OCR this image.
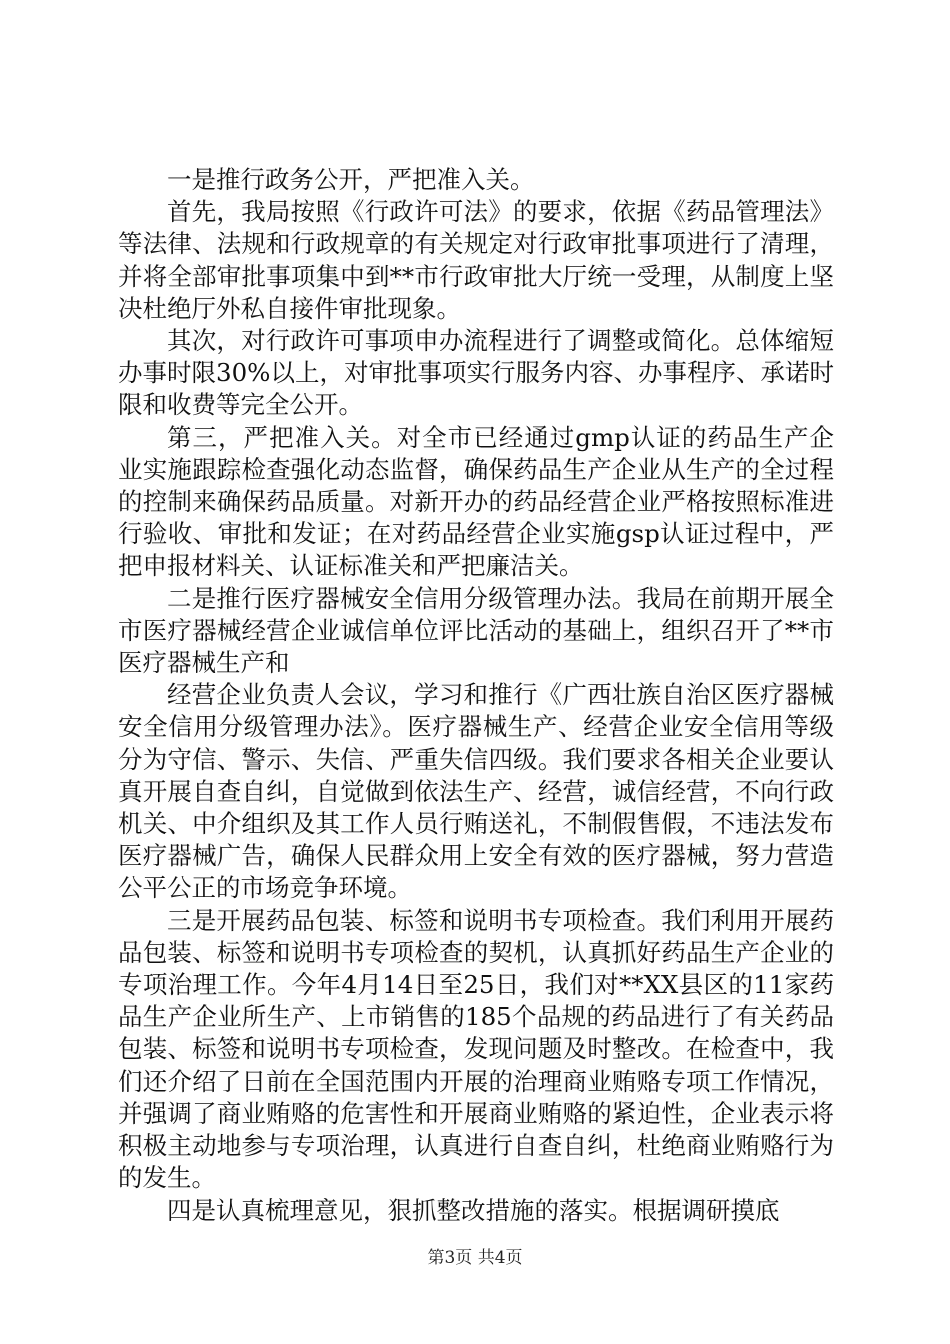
一是推行政务公开，严把准入关。

首先，我局按照《行政许可法》的要求，依据《药品管理法》等法律、法规和行政规章的有关规定对行政审批事项进行了清理，并将全部审批事项集中到**市行政审批大厅统一受理，从制度上坚决杜绝厅外私自接件审批现象。

其次，对行政许可事项申办流程进行了调整或简化。总体缩短办事时限30%以上，对审批事项实行服务内容、办事程序、承诺时限和收费等完全公开。

第三，严把准入关。对全市已经通过gmp认证的药品生产企业实施跟踪检查强化动态监督，确保药品生产企业从生产的全过程的控制来确保药品质量。对新开办的药品经营企业严格按照标准进行验收、审批和发证；在对药品经营企业实施gsp认证过程中，严把申报材料关、认证标准关和严把廉洁关。

二是推行医疗器械安全信用分级管理办法。我局在前期开展全市医疗器械经营企业诚信单位评比活动的基础上，组织召开了**市医疗器械生产和

经营企业负责人会议，学习和推行《广西壮族自治区医疗器械安全信用分级管理办法》。医疗器械生产、经营企业安全信用等级分为守信、警示、失信、严重失信四级。我们要求各相关企业要认真开展自查自纠，自觉做到依法生产、经营，诚信经营，不向行政机关、中介组织及其工作人员行贿送礼，不制假售假，不违法发布医疗器械广告，确保人民群众用上安全有效的医疗器械，努力营造公平公正的市场竞争环境。

三是开展药品包装、标签和说明书专项检查。我们利用开展药品包装、标签和说明书专项检查的契机，认真抓好药品生产企业的专项治理工作。今年4月14日至25日，我们对**XX县区的11家药品生产企业所生产、上市销售的185个品规的药品进行了有关药品包装、标签和说明书专项检查，发现问题及时整改。在检查中，我们还介绍了日前在全国范围内开展的治理商业贿赂专项工作情况，并强调了商业贿赂的危害性和开展商业贿赂的紧迫性，企业表示将积极主动地参与专项治理，认真进行自查自纠，杜绝商业贿赂行为的发生。

四是认真梳理意见，狠抓整改措施的落实。根据调研摸底

第3页 共4页
